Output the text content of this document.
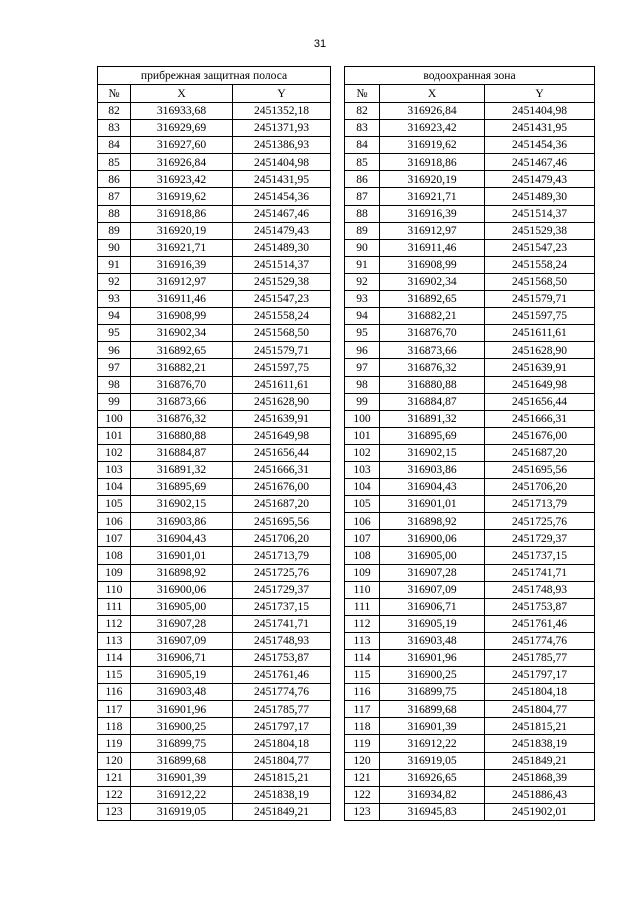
31
прибрежная защитная полоса				водоохранная зона		
№	X	Y		№	X	Y
82	316933,68	2451352,18		82	316926,84	2451404,98
83	316929,69	2451371,93		83	316923,42	2451431,95
84	316927,60	2451386,93		84	316919,62	2451454,36
85	316926,84	2451404,98		85	316918,86	2451467,46
86	316923,42	2451431,95		86	316920,19	2451479,43
87	316919,62	2451454,36		87	316921,71	2451489,30
88	316918,86	2451467,46		88	316916,39	2451514,37
89	316920,19	2451479,43		89	316912,97	2451529,38
90	316921,71	2451489,30		90	316911,46	2451547,23
91	316916,39	2451514,37		91	316908,99	2451558,24
92	316912,97	2451529,38		92	316902,34	2451568,50
93	316911,46	2451547,23		93	316892,65	2451579,71
94	316908,99	2451558,24		94	316882,21	2451597,75
95	316902,34	2451568,50		95	316876,70	2451611,61
96	316892,65	2451579,71		96	316873,66	2451628,90
97	316882,21	2451597,75		97	316876,32	2451639,91
98	316876,70	2451611,61		98	316880,88	2451649,98
99	316873,66	2451628,90		99	316884,87	2451656,44
100	316876,32	2451639,91		100	316891,32	2451666,31
101	316880,88	2451649,98		101	316895,69	2451676,00
102	316884,87	2451656,44		102	316902,15	2451687,20
103	316891,32	2451666,31		103	316903,86	2451695,56
104	316895,69	2451676,00		104	316904,43	2451706,20
105	316902,15	2451687,20		105	316901,01	2451713,79
106	316903,86	2451695,56		106	316898,92	2451725,76
107	316904,43	2451706,20		107	316900,06	2451729,37
108	316901,01	2451713,79		108	316905,00	2451737,15
109	316898,92	2451725,76		109	316907,28	2451741,71
110	316900,06	2451729,37		110	316907,09	2451748,93
111	316905,00	2451737,15		111	316906,71	2451753,87
112	316907,28	2451741,71		112	316905,19	2451761,46
113	316907,09	2451748,93		113	316903,48	2451774,76
114	316906,71	2451753,87		114	316901,96	2451785,77
115	316905,19	2451761,46		115	316900,25	2451797,17
116	316903,48	2451774,76		116	316899,75	2451804,18
117	316901,96	2451785,77		117	316899,68	2451804,77
118	316900,25	2451797,17		118	316901,39	2451815,21
119	316899,75	2451804,18		119	316912,22	2451838,19
120	316899,68	2451804,77		120	316919,05	2451849,21
121	316901,39	2451815,21		121	316926,65	2451868,39
122	316912,22	2451838,19		122	316934,82	2451886,43
123	316919,05	2451849,21		123	316945,83	2451902,01
